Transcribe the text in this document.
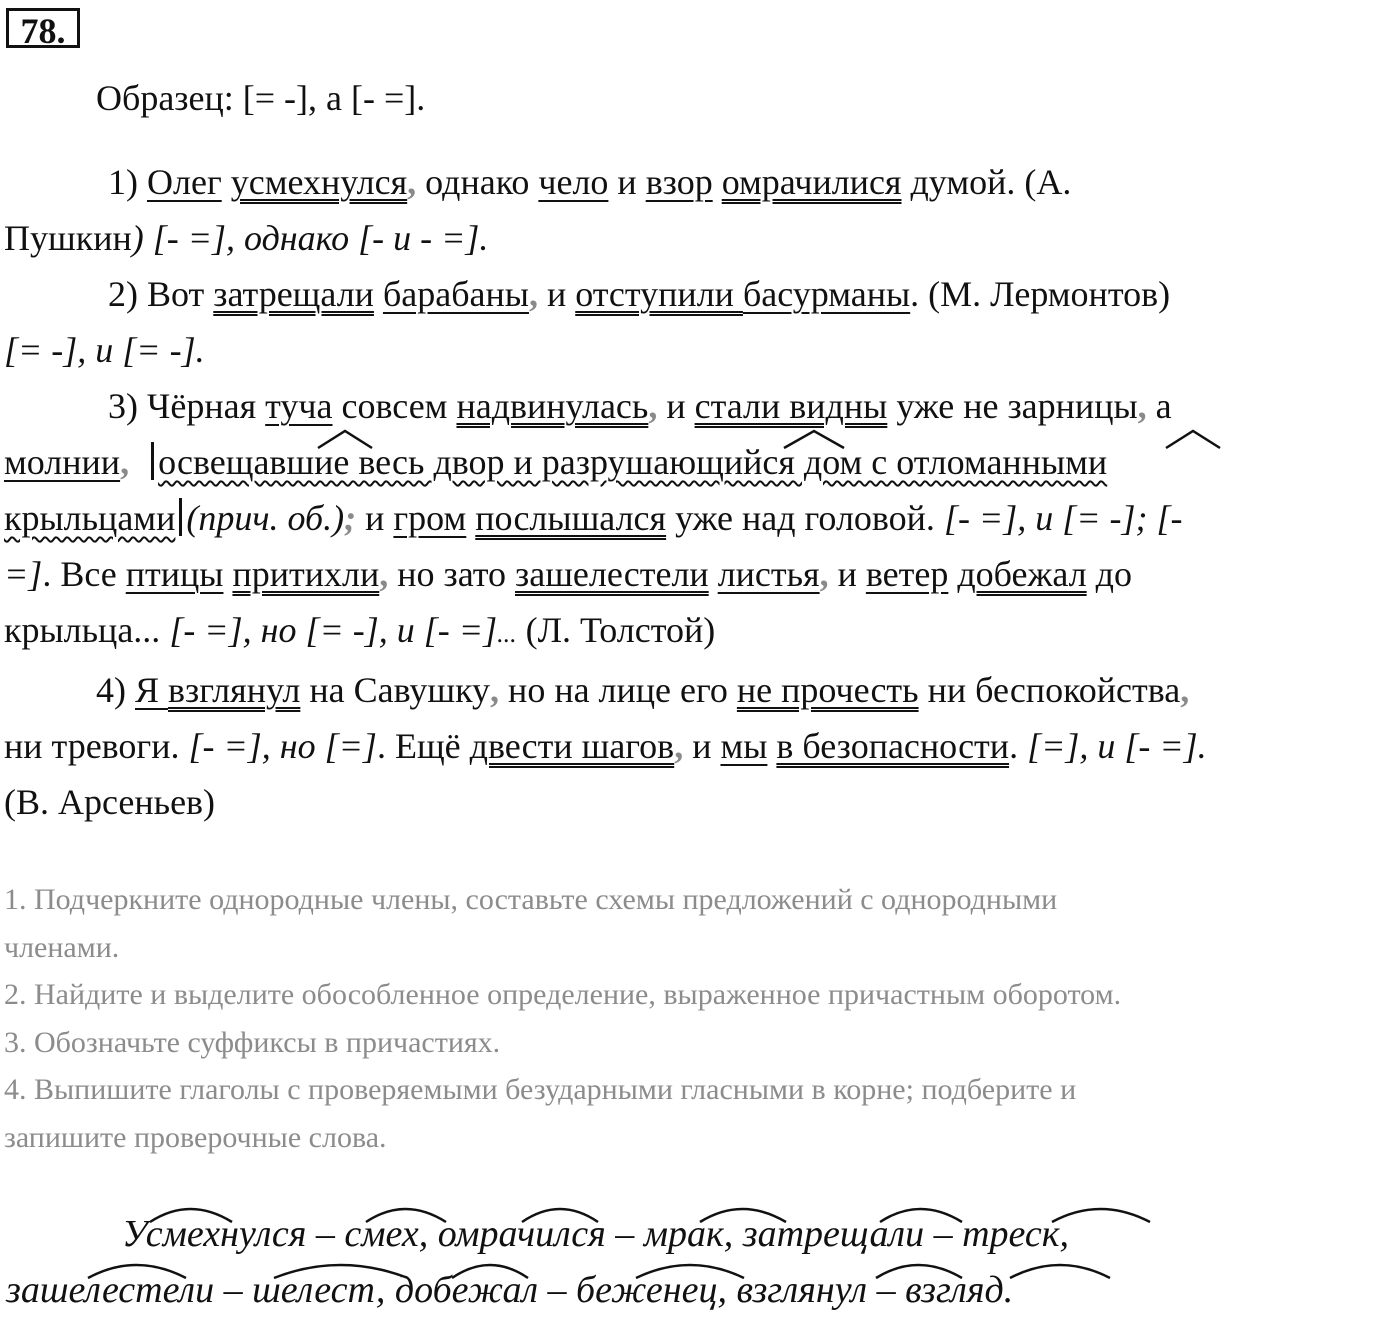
78.
Образец: [= -], а [- =].
1) Олег усмехнулся, однако чело и взор омрачилися думой. (А.
Пушкин) [- =], однако [- и - =].
2) Вот затрещали барабаны, и отступили басурманы. (М. Лермонтов)
[= -], и [= -].
3) Чёрная туча совсем надвинулась, и стали видны уже не зарницы, а
молнии, освещавшие весь двор и разрушающийся дом с отломанными
крыльцами (прич. об.); и гром послышался уже над головой. [- =], и [= -]; [-
=]. Все птицы притихли, но зато зашелестели листья, и ветер добежал до
крыльца... [- =], но [= -], и [- =]... (Л. Толстой)
4) Я взглянул на Савушку, но на лице его не прочесть ни беспокойства,
ни тревоги. [- =], но [=]. Ещё двести шагов, и мы в безопасности. [=], и [- =].
(В. Арсеньев)
1. Подчеркните однородные члены, составьте схемы предложений с однородными
членами.
2. Найдите и выделите обособленное определение, выраженное причастным оборотом.
3. Обозначьте суффиксы в причастиях.
4. Выпишите глаголы с проверяемыми безударными гласными в корне; подберите и
запишите проверочные слова.
Усмехнулся – смех, омрачился – мрак, затрещали – треск,
зашелестели – шелест, добежал – беженец, взглянул – взгляд.
